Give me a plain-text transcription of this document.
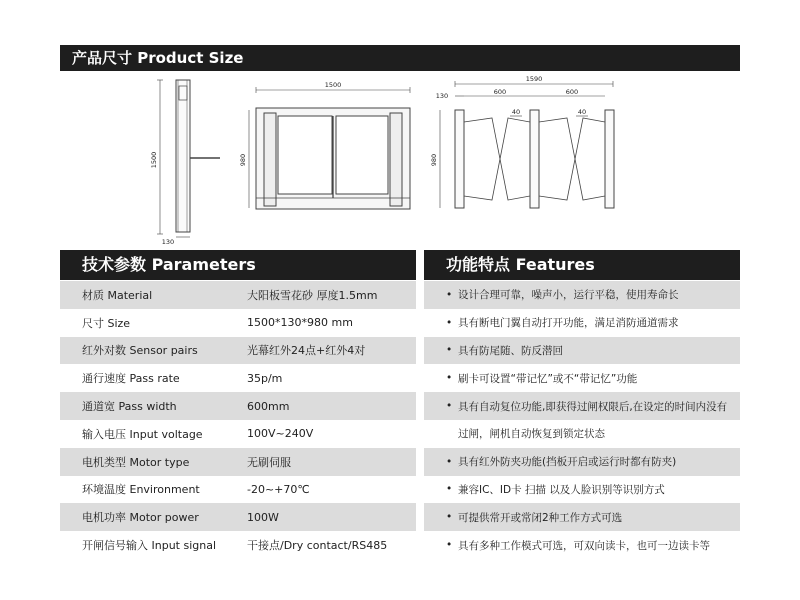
产品尺寸 Product Size
1500
130
1500
980
1590
130	600	600
40	40
980
技术参数 Parameters	功能特点 Features
材质 Material	大阳板雪花砂 厚度1.5mm
尺寸 Size	1500*130*980 mm
红外对数 Sensor pairs	光幕红外24点+红外4对
通行速度 Pass rate	35p/m
通道宽 Pass width	600mm
输入电压 Input voltage	100V~240V
电机类型 Motor type	无刷伺服
环境温度 Environment	-20~+70℃
电机功率 Motor power	100W
开闸信号输入 Input signal	干接点/Dry contact/RS485
• 设计合理可靠，噪声小，运行平稳，使用寿命长
• 具有断电门翼自动打开功能，满足消防通道需求
• 具有防尾随、防反潜回
• 刷卡可设置“带记忆”或不“带记忆”功能
• 具有自动复位功能,即获得过闸权限后,在设定的时间内没有
过闸，闸机自动恢复到锁定状态
• 具有红外防夹功能(挡板开启或运行时都有防夹)
• 兼容IC、ID卡 扫描 以及人脸识别等识别方式
• 可提供常开或常闭2种工作方式可选
• 具有多种工作模式可选，可双向读卡，也可一边读卡等
